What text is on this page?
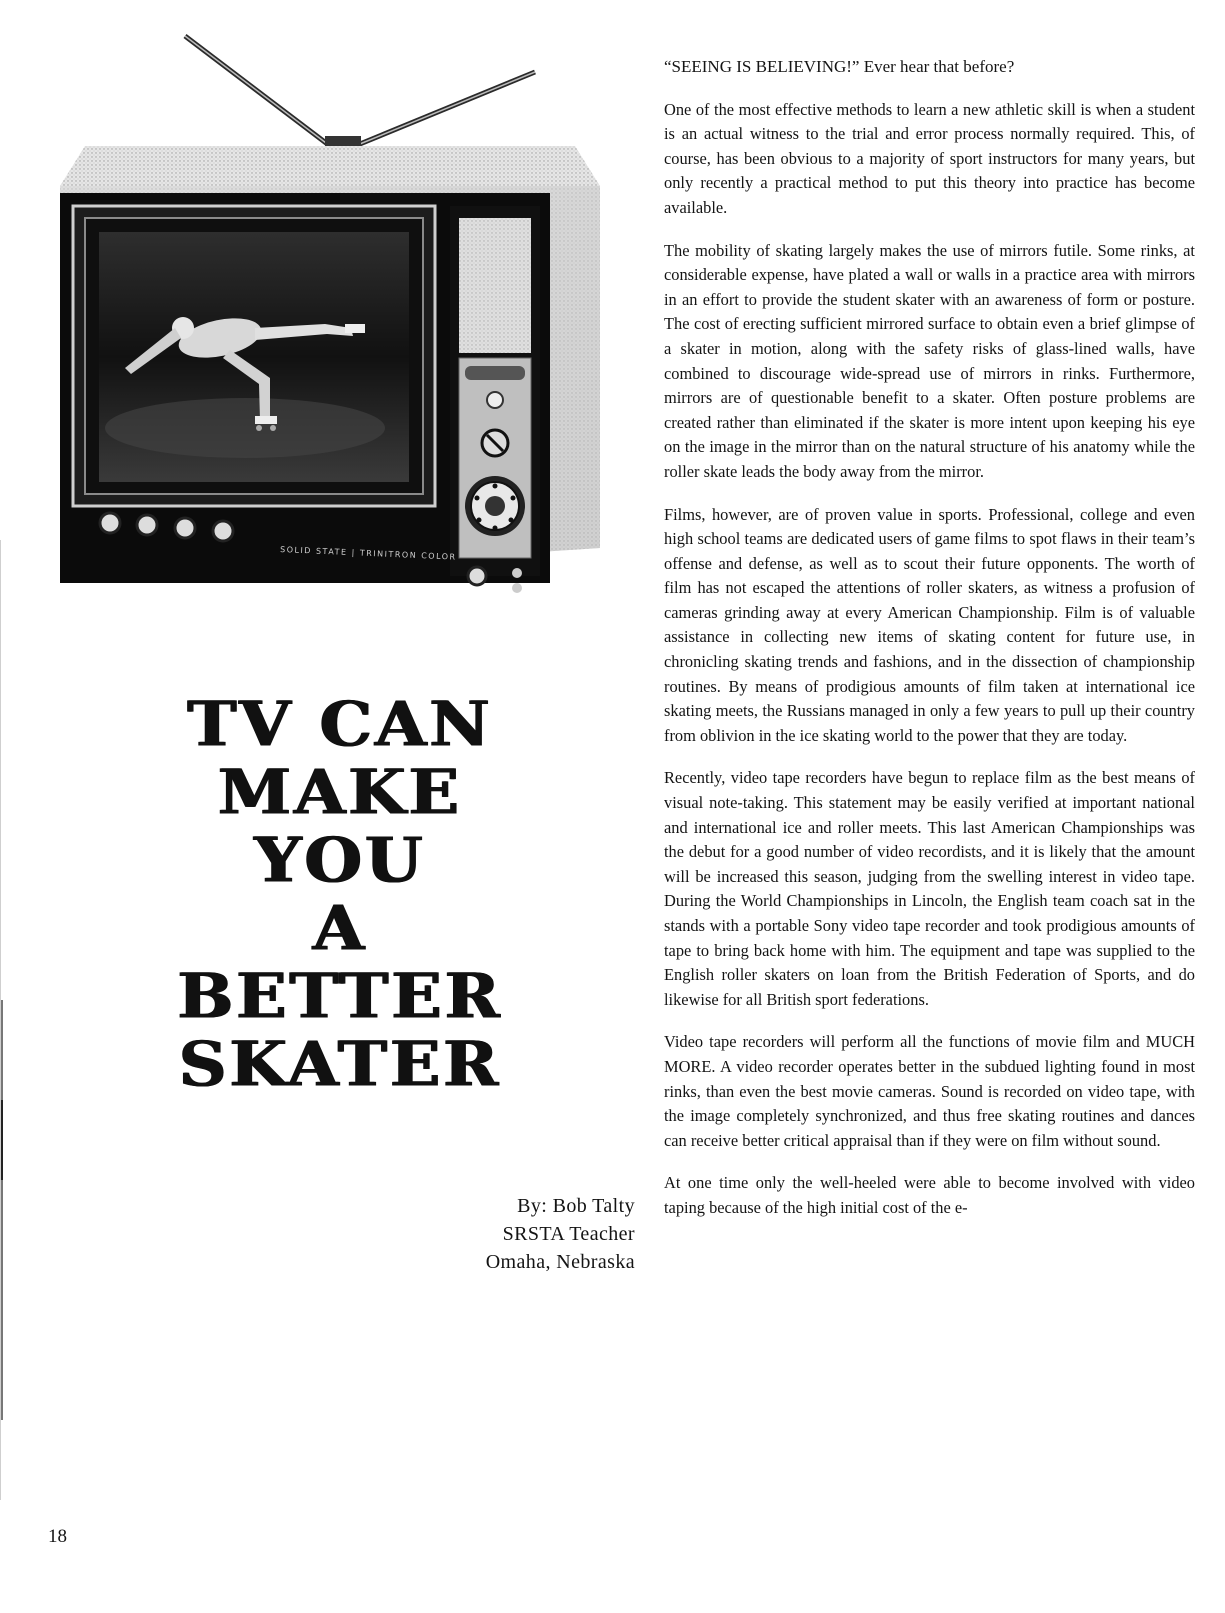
SOLID STATE | TRINITRON COLOR
TV CAN
MAKE
YOU
A
BETTER
SKATER
By: Bob Talty
SRSTA Teacher
Omaha, Nebraska

“SEEING IS BELIEVING!” Ever hear that before?

One of the most effective methods to learn a new athletic skill is when a student is an actual witness to the trial and error process normally required. This, of course, has been obvious to a majority of sport instructors for many years, but only recently a practical method to put this theory into practice has become available.

The mobility of skating largely makes the use of mirrors futile. Some rinks, at considerable expense, have plated a wall or walls in a practice area with mirrors in an effort to provide the student skater with an awareness of form or posture. The cost of erecting sufficient mirrored surface to obtain even a brief glimpse of a skater in motion, along with the safety risks of glass-lined walls, have combined to discourage wide-spread use of mirrors in rinks. Furthermore, mirrors are of questionable benefit to a skater. Often posture problems are created rather than eliminated if the skater is more intent upon keeping his eye on the image in the mirror than on the natural structure of his anatomy while the roller skate leads the body away from the mirror.

Films, however, are of proven value in sports. Professional, college and even high school teams are dedicated users of game films to spot flaws in their team’s offense and defense, as well as to scout their future opponents. The worth of film has not escaped the attentions of roller skaters, as witness a profusion of cameras grinding away at every American Championship. Film is of valuable assistance in collecting new items of skating content for future use, in chronicling skating trends and fashions, and in the dissection of championship routines. By means of prodigious amounts of film taken at international ice skating meets, the Russians managed in only a few years to pull up their country from oblivion in the ice skating world to the power that they are today.

Recently, video tape recorders have begun to replace film as the best means of visual note-taking. This statement may be easily verified at important national and international ice and roller meets. This last American Championships was the debut for a good number of video recordists, and it is likely that the amount will be increased this season, judging from the swelling interest in video tape. During the World Championships in Lincoln, the English team coach sat in the stands with a portable Sony video tape recorder and took prodigious amounts of tape to bring back home with him. The equipment and tape was supplied to the English roller skaters on loan from the British Federation of Sports, and do likewise for all British sport federations.

Video tape recorders will perform all the functions of movie film and MUCH MORE. A video recorder operates better in the subdued lighting found in most rinks, than even the best movie cameras. Sound is recorded on video tape, with the image completely synchronized, and thus free skating routines and dances can receive better critical appraisal than if they were on film without sound.

At one time only the well-heeled were able to become involved with video taping because of the high initial cost of the e-

18
